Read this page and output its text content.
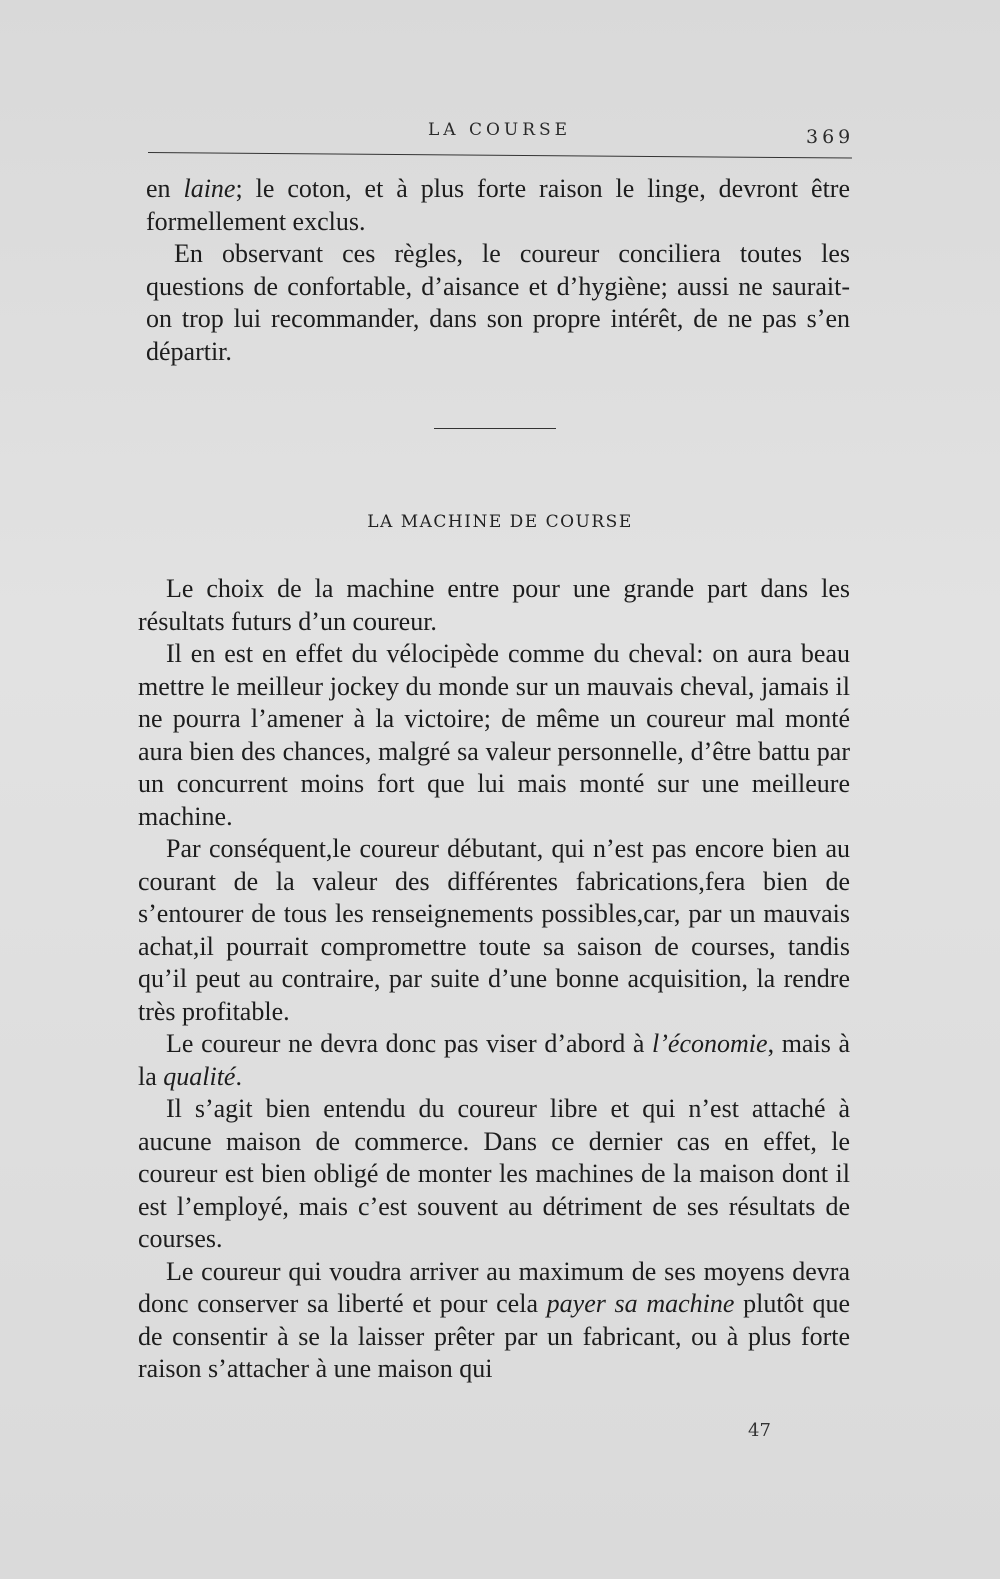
LA COURSE	369

en laine; le coton, et à plus forte raison le linge, devront être formellement exclus.

En observant ces règles, le coureur conciliera toutes les questions de confortable, d’aisance et d’hygiène; aussi ne saurait-on trop lui recommander, dans son propre intérêt, de ne pas s’en départir.

LA MACHINE DE COURSE

Le choix de la machine entre pour une grande part dans les résultats futurs d’un coureur.

Il en est en effet du vélocipède comme du cheval: on aura beau mettre le meilleur jockey du monde sur un mauvais cheval, jamais il ne pourra l’amener à la victoire; de même un coureur mal monté aura bien des chances, malgré sa valeur personnelle, d’être battu par un concurrent moins fort que lui mais monté sur une meilleure machine.

Par conséquent,le coureur débutant, qui n’est pas encore bien au courant de la valeur des différentes fabrications,fera bien de s’entourer de tous les renseignements possibles,car, par un mauvais achat,il pourrait compromettre toute sa saison de courses, tandis qu’il peut au contraire, par suite d’une bonne acquisition, la rendre très profitable.

Le coureur ne devra donc pas viser d’abord à l’économie, mais à la qualité.

Il s’agit bien entendu du coureur libre et qui n’est attaché à aucune maison de commerce. Dans ce dernier cas en effet, le coureur est bien obligé de monter les machines de la maison dont il est l’employé, mais c’est souvent au détriment de ses résultats de courses.

Le coureur qui voudra arriver au maximum de ses moyens devra donc conserver sa liberté et pour cela payer sa machine plutôt que de consentir à se la laisser prêter par un fabricant, ou à plus forte raison s’attacher à une maison qui

47
